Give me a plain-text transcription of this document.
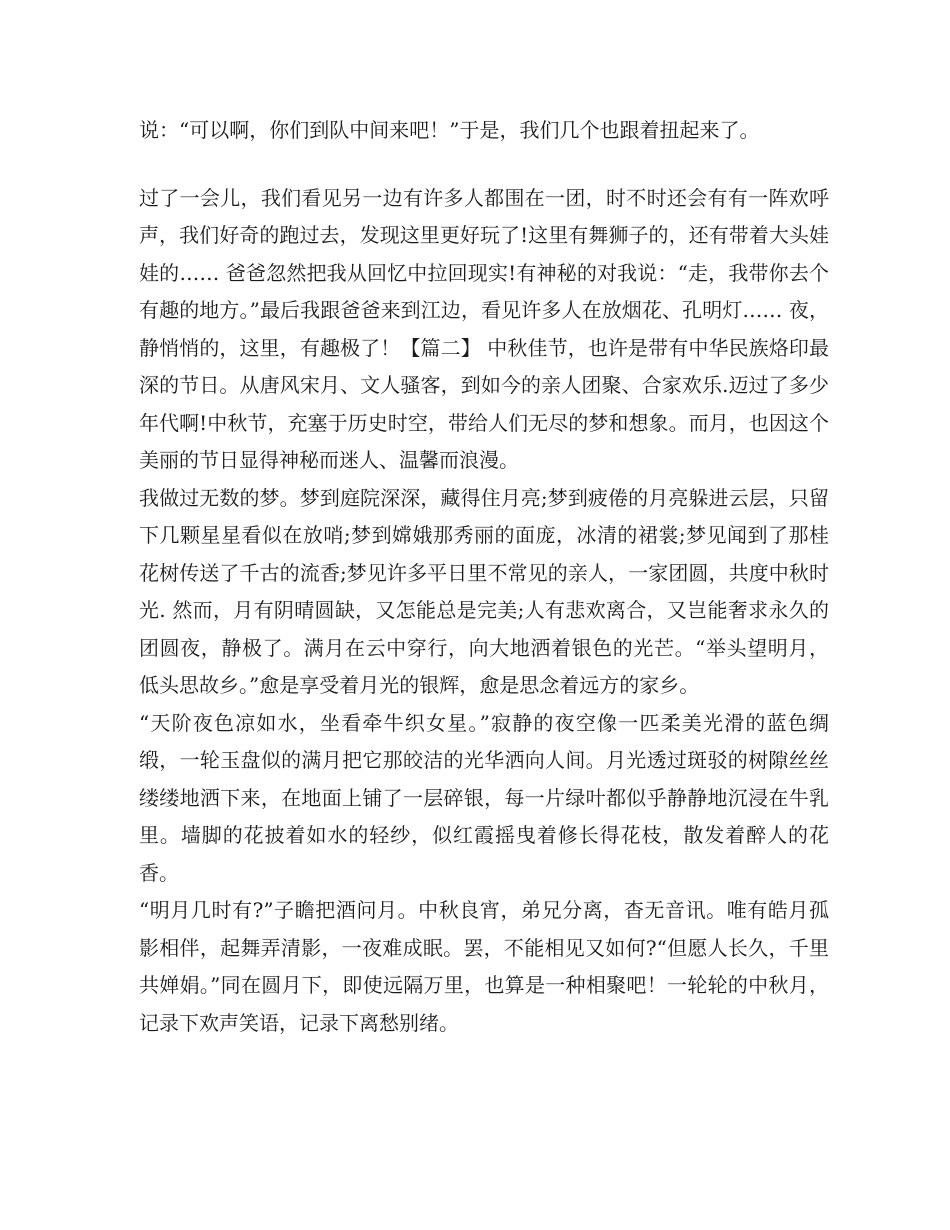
说：“可以啊，你们到队中间来吧！”于是，我们几个也跟着扭起来了。

过了一会儿，我们看见另一边有许多人都围在一团，时不时还会有有一阵欢呼声，我们好奇的跑过去，发现这里更好玩了!这里有舞狮子的，还有带着大头娃娃的…… 爸爸忽然把我从回忆中拉回现实!有神秘的对我说：“走，我带你去个有趣的地方。”最后我跟爸爸来到江边，看见许多人在放烟花、孔明灯…… 夜，静悄悄的，这里，有趣极了！【篇二】 中秋佳节，也许是带有中华民族烙印最深的节日。从唐风宋月、文人骚客，到如今的亲人团聚、合家欢乐.迈过了多少年代啊!中秋节，充塞于历史时空，带给人们无尽的梦和想象。而月，也因这个美丽的节日显得神秘而迷人、温馨而浪漫。

我做过无数的梦。梦到庭院深深，藏得住月亮;梦到疲倦的月亮躲进云层，只留下几颗星星看似在放哨;梦到嫦娥那秀丽的面庞，冰清的裙裳;梦见闻到了那桂花树传送了千古的流香;梦见许多平日里不常见的亲人，一家团圆，共度中秋时光. 然而，月有阴晴圆缺，又怎能总是完美;人有悲欢离合，又岂能奢求永久的团圆夜，静极了。满月在云中穿行，向大地洒着银色的光芒。“举头望明月，低头思故乡。”愈是享受着月光的银辉，愈是思念着远方的家乡。

“天阶夜色凉如水，坐看牵牛织女星。”寂静的夜空像一匹柔美光滑的蓝色绸缎，一轮玉盘似的满月把它那皎洁的光华洒向人间。月光透过斑驳的树隙丝丝缕缕地洒下来，在地面上铺了一层碎银，每一片绿叶都似乎静静地沉浸在牛乳里。墙脚的花披着如水的轻纱，似红霞摇曳着修长得花枝，散发着醉人的花香。

“明月几时有?”子瞻把酒问月。中秋良宵，弟兄分离，杳无音讯。唯有皓月孤影相伴，起舞弄清影，一夜难成眠。罢，不能相见又如何?“但愿人长久，千里共婵娟。”同在圆月下，即使远隔万里，也算是一种相聚吧！一轮轮的中秋月，记录下欢声笑语，记录下离愁别绪。
